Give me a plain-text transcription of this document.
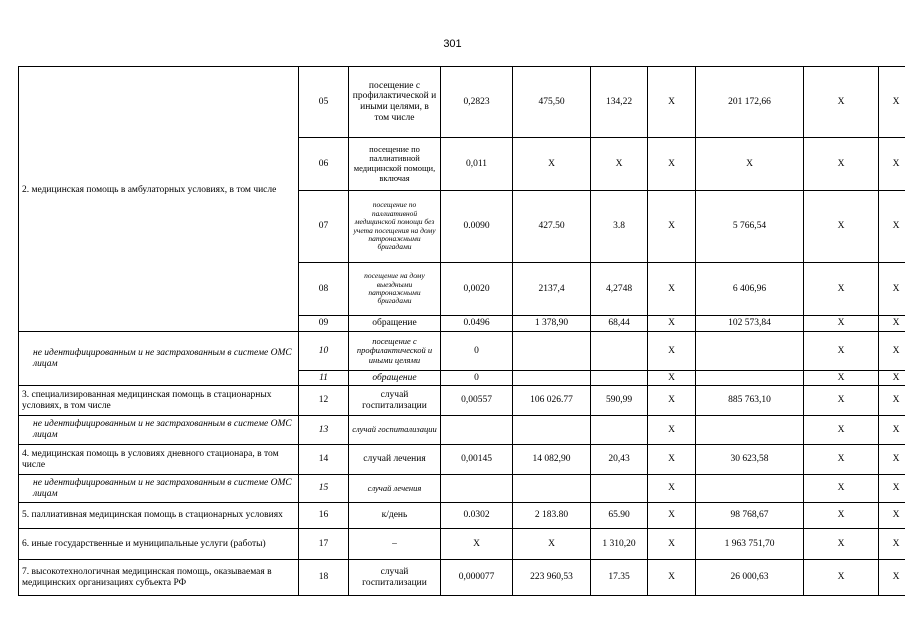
301
2. медицинская помощь в амбулаторных условиях, в том числе	05	посещение с профилактической и иными целями, в том числе	0,2823	475,50	134,22	X	201 172,66	X	X
	06	посещение по паллиативной медицинской помощи, включая	0,011	X	X	X	X	X	X
	07	посещение по паллиативной медицинской помощи без учета посещения на дому патронажными бригадами	0.0090	427.50	3.8	X	5 766,54	X	X
	08	посещение на дому выездными патронажными бригадами	0,0020	2137,4	4,2748	X	6 406,96	X	X
	09	обращение	0.0496	1 378,90	68,44	X	102 573,84	X	X
не идентифицированным и не застрахованным в системе ОМС лицам	10	посещение с профилактической и иными целями	0			X		X	X
	11	обращение	0			X		X	X
3. специализированная медицинская помощь в стационарных условиях, в том числе	12	случай госпитализации	0,00557	106 026.77	590,99	X	885 763,10	X	X
не идентифицированным и не застрахованным в системе ОМС лицам	13	случай госпитализации				X		X	X
4. медицинская помощь в условиях дневного стационара, в том числе	14	случай лечения	0,00145	14 082,90	20,43	X	30 623,58	X	X
не идентифицированным и не застрахованным в системе ОМС лицам	15	случай лечения				X		X	X
5. паллиативная медицинская помощь в стационарных условиях	16	к/день	0.0302	2 183.80	65.90	X	98 768,67	X	X
6. иные государственные и муниципальные услуги (работы)	17	–	X	X	1 310,20	X	1 963 751,70	X	X
7. высокотехнологичная медицинская помощь, оказываемая в медицинских организациях субъекта РФ	18	случай госпитализации	0,000077	223 960,53	17.35	X	26 000,63	X	X
